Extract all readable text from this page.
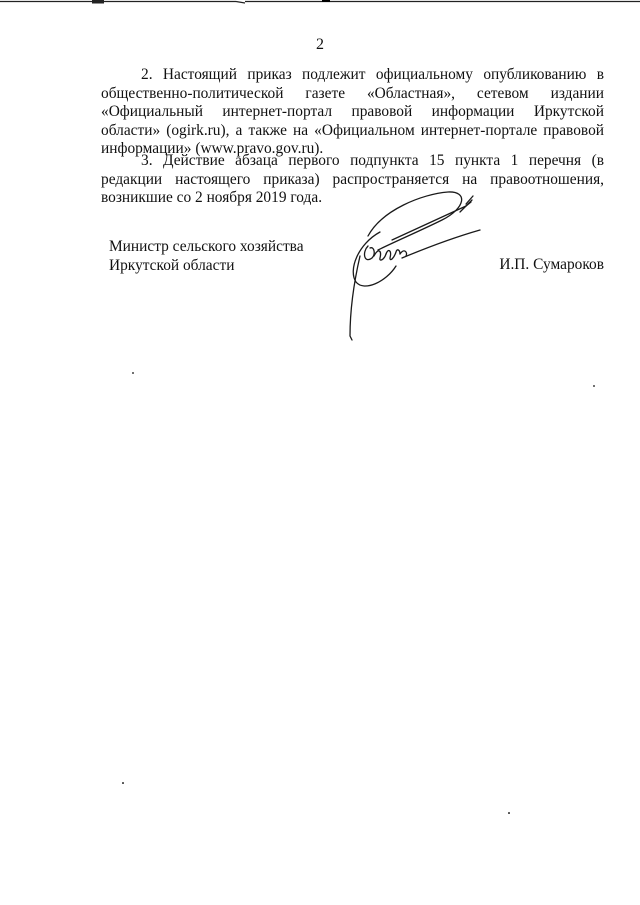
2

2. Настоящий приказ подлежит официальному опубликованию в общественно-политической газете «Областная», сетевом издании «Официальный интернет-портал правовой информации Иркутской области» (ogirk.ru), а также на «Официальном интернет-портале правовой информации» (www.pravo.gov.ru).

3. Действие абзаца первого подпункта 15 пункта 1 перечня (в редакции настоящего приказа) распространяется на правоотношения, возникшие со 2 ноября 2019 года.

Министр сельского хозяйства
Иркутской области	И.П. Сумароков
